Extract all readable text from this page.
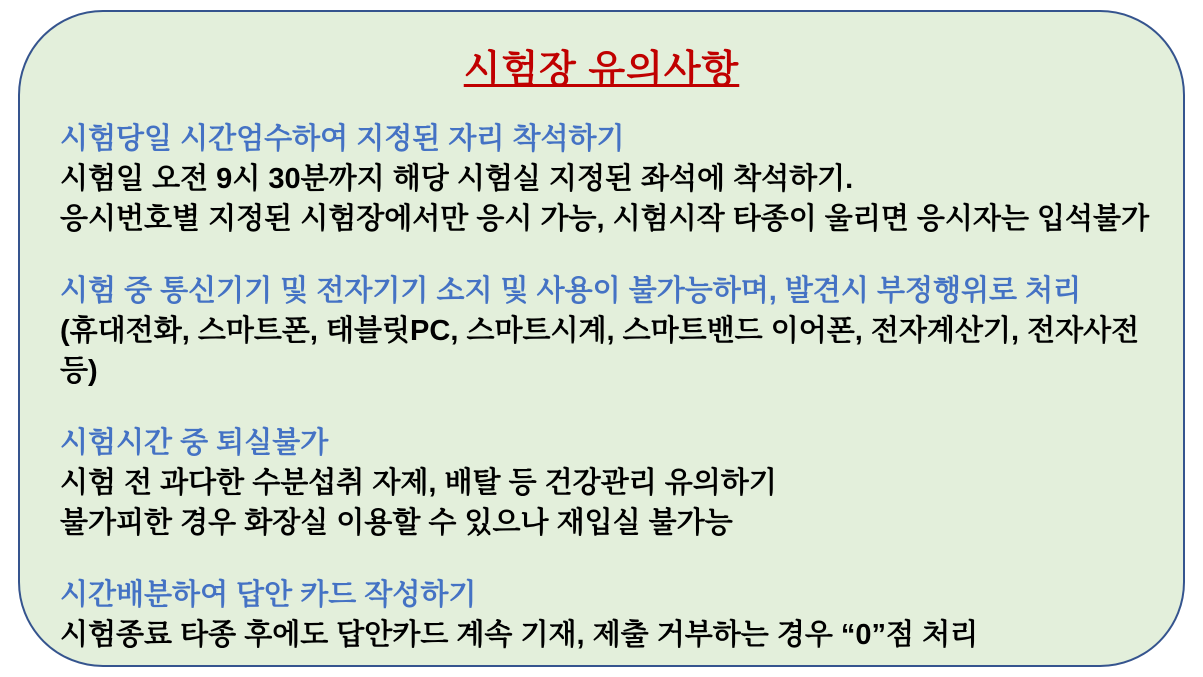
시험장 유의사항
시험당일 시간엄수하여 지정된 자리 착석하기
시험일 오전 9시 30분까지 해당 시험실 지정된 좌석에 착석하기.
응시번호별 지정된 시험장에서만 응시 가능, 시험시작 타종이 울리면 응시자는 입석불가
시험 중 통신기기 및 전자기기 소지 및 사용이 불가능하며, 발견시 부정행위로 처리
(휴대전화, 스마트폰, 태블릿PC, 스마트시계, 스마트밴드 이어폰, 전자계산기, 전자사전
등)
시험시간 중 퇴실불가
시험 전 과다한 수분섭취 자제, 배탈 등 건강관리 유의하기
불가피한 경우 화장실 이용할 수 있으나 재입실 불가능
시간배분하여 답안 카드 작성하기
시험종료 타종 후에도 답안카드 계속 기재, 제출 거부하는 경우 “0”점 처리
